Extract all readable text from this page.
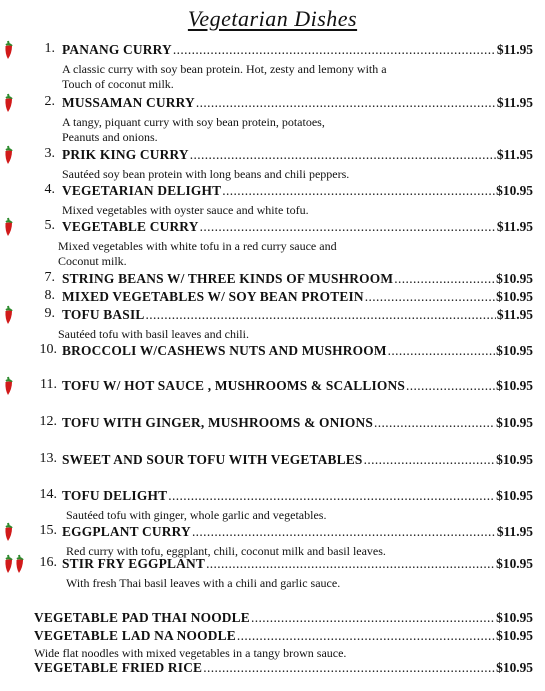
Vegetarian Dishes
1. PANANG CURRY .....	$11.95
A classic curry with soy bean protein. Hot, zesty and lemony with a
Touch of coconut milk.
2. MUSSAMAN CURRY .....	$11.95
A tangy, piquant curry with soy bean protein, potatoes,
Peanuts and onions.
3. PRIK KING CURRY .....	$11.95
Sautéed soy bean protein with long beans and chili peppers.
4. VEGETARIAN DELIGHT .....	$10.95
Mixed vegetables with oyster sauce and white tofu.
5. VEGETABLE CURRY .....	$11.95
Mixed vegetables with white tofu in a red curry sauce and
Coconut milk.
7. STRING BEANS W/ THREE KINDS OF MUSHROOM .....	$10.95
8. MIXED VEGETABLES W/ SOY BEAN PROTEIN .....	$10.95
9. TOFU BASIL .....	$11.95
Sautéed tofu with basil leaves and chili.
10. BROCCOLI W/CASHEWS NUTS AND MUSHROOM .....	$10.95
11. TOFU W/ HOT SAUCE , MUSHROOMS & SCALLIONS .....	$10.95
12. TOFU WITH GINGER, MUSHROOMS & ONIONS .....	$10.95
13. SWEET AND SOUR TOFU WITH VEGETABLES .....	$10.95
14. TOFU DELIGHT .....	$10.95
Sautéed tofu with ginger, whole garlic and vegetables.
15. EGGPLANT CURRY .....	$11.95
Red curry with tofu, eggplant, chili, coconut milk and basil leaves.
16. STIR FRY EGGPLANT .....	$10.95
With fresh Thai basil leaves with a chili and garlic sauce.
VEGETABLE PAD THAI NOODLE .....	$10.95
VEGETABLE LAD NA NOODLE .....	$10.95
Wide flat noodles with mixed vegetables in a tangy brown sauce.
VEGETABLE FRIED RICE .....	$10.95
